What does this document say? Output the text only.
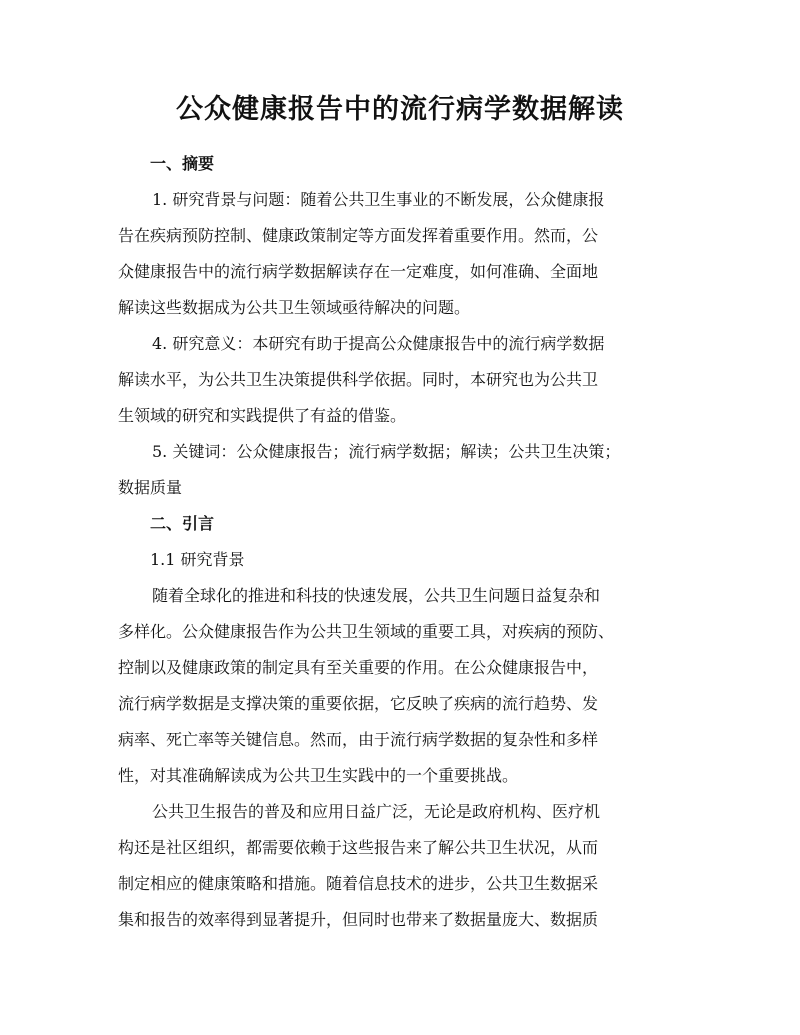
公众健康报告中的流行病学数据解读

一、摘要

1. 研究背景与问题：随着公共卫生事业的不断发展，公众健康报
告在疾病预防控制、健康政策制定等方面发挥着重要作用。然而，公
众健康报告中的流行病学数据解读存在一定难度，如何准确、全面地
解读这些数据成为公共卫生领域亟待解决的问题。

4. 研究意义：本研究有助于提高公众健康报告中的流行病学数据
解读水平，为公共卫生决策提供科学依据。同时，本研究也为公共卫
生领域的研究和实践提供了有益的借鉴。

5. 关键词：公众健康报告；流行病学数据；解读；公共卫生决策；
数据质量

二、引言

1.1 研究背景

随着全球化的推进和科技的快速发展，公共卫生问题日益复杂和
多样化。公众健康报告作为公共卫生领域的重要工具，对疾病的预防、
控制以及健康政策的制定具有至关重要的作用。在公众健康报告中，
流行病学数据是支撑决策的重要依据，它反映了疾病的流行趋势、发
病率、死亡率等关键信息。然而，由于流行病学数据的复杂性和多样
性，对其准确解读成为公共卫生实践中的一个重要挑战。

公共卫生报告的普及和应用日益广泛，无论是政府机构、医疗机
构还是社区组织，都需要依赖于这些报告来了解公共卫生状况，从而
制定相应的健康策略和措施。随着信息技术的进步，公共卫生数据采
集和报告的效率得到显著提升，但同时也带来了数据量庞大、数据质
